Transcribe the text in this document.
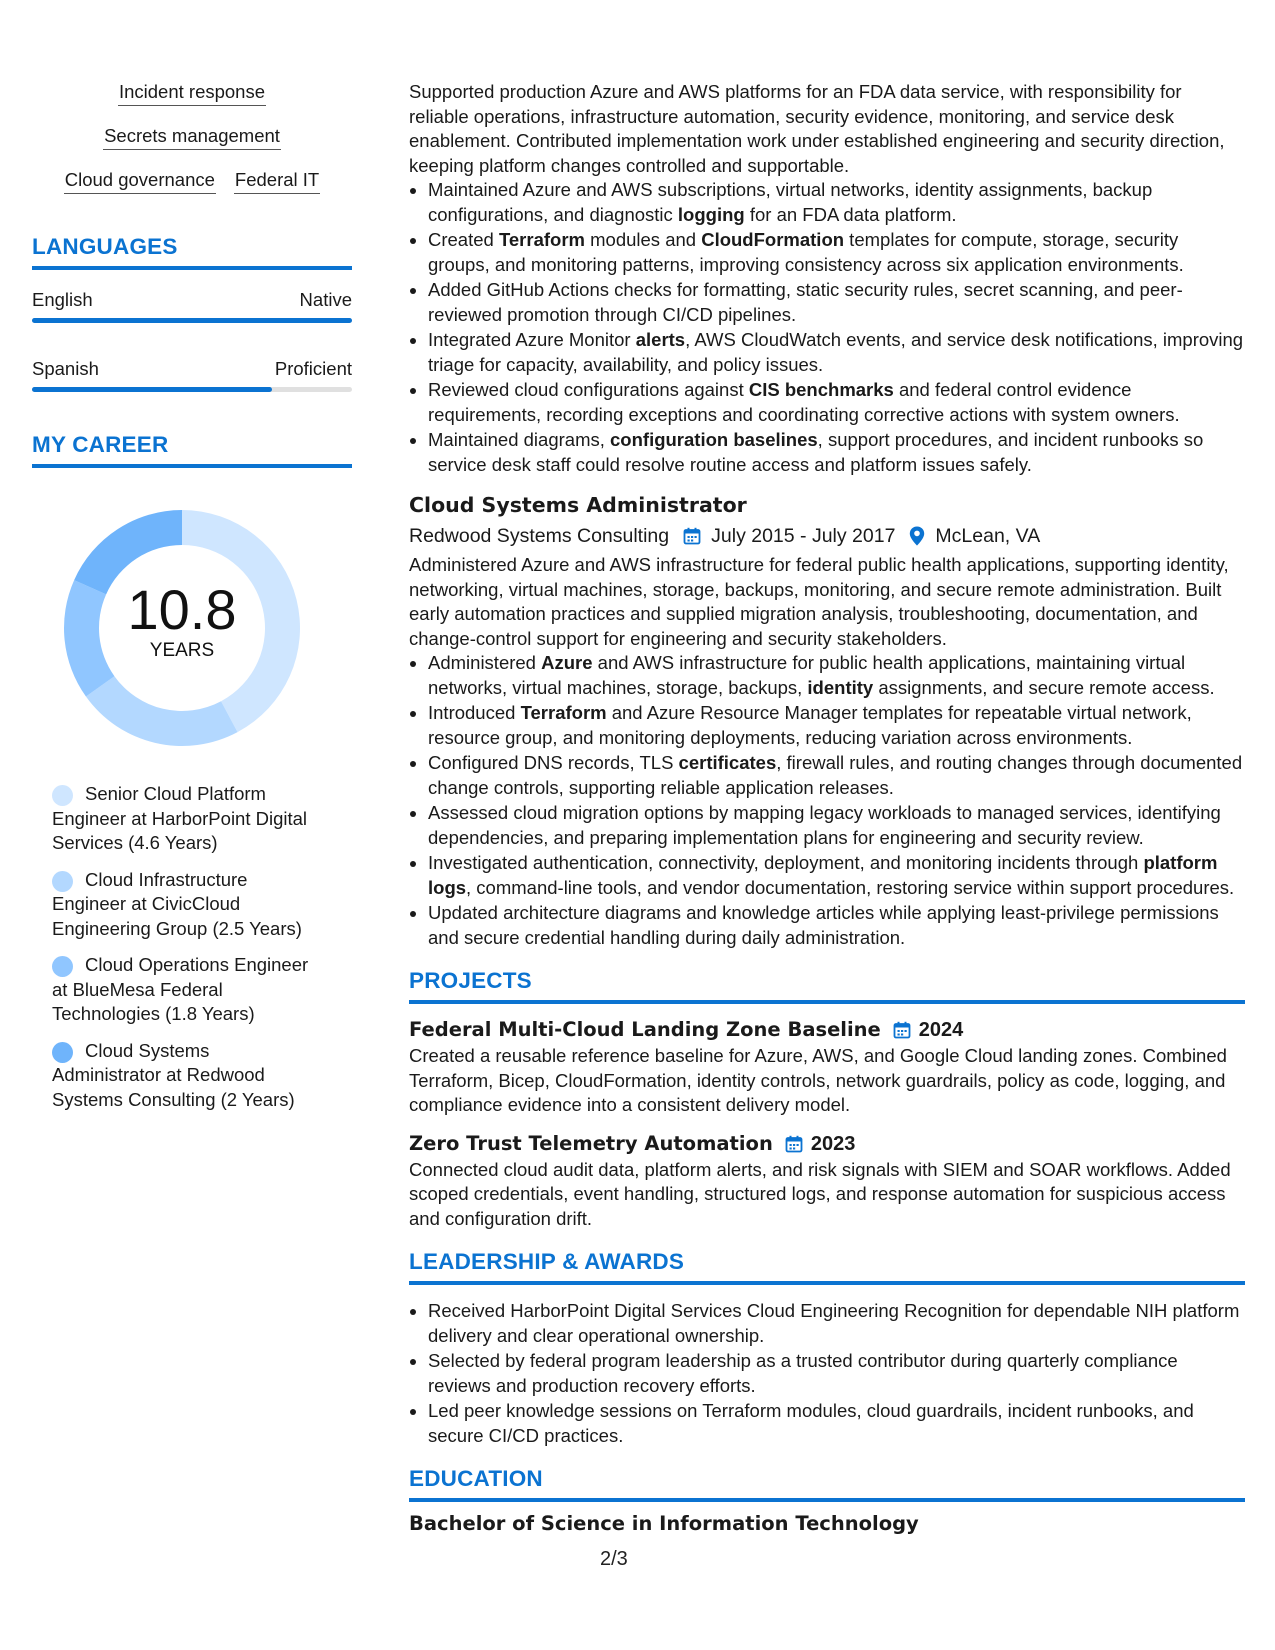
Incident response
Secrets management
Cloud governance Federal IT
LANGUAGES
English	Native
Spanish	Proficient
MY CAREER
10.8
YEARS
Senior Cloud Platform Engineer at HarborPoint Digital Services (4.6 Years)
Cloud Infrastructure Engineer at CivicCloud Engineering Group (2.5 Years)
Cloud Operations Engineer at BlueMesa Federal Technologies (1.8 Years)
Cloud Systems Administrator at Redwood Systems Consulting (2 Years)
Supported production Azure and AWS platforms for an FDA data service, with responsibility for reliable operations, infrastructure automation, security evidence, monitoring, and service desk enablement. Contributed implementation work under established engineering and security direction, keeping platform changes controlled and supportable.
• Maintained Azure and AWS subscriptions, virtual networks, identity assignments, backup configurations, and diagnostic logging for an FDA data platform.
• Created Terraform modules and CloudFormation templates for compute, storage, security groups, and monitoring patterns, improving consistency across six application environments.
• Added GitHub Actions checks for formatting, static security rules, secret scanning, and peer-reviewed promotion through CI/CD pipelines.
• Integrated Azure Monitor alerts, AWS CloudWatch events, and service desk notifications, improving triage for capacity, availability, and policy issues.
• Reviewed cloud configurations against CIS benchmarks and federal control evidence requirements, recording exceptions and coordinating corrective actions with system owners.
• Maintained diagrams, configuration baselines, support procedures, and incident runbooks so service desk staff could resolve routine access and platform issues safely.
Cloud Systems Administrator
Redwood Systems Consulting July 2015 - July 2017 McLean, VA
Administered Azure and AWS infrastructure for federal public health applications, supporting identity, networking, virtual machines, storage, backups, monitoring, and secure remote administration. Built early automation practices and supplied migration analysis, troubleshooting, documentation, and change-control support for engineering and security stakeholders.
• Administered Azure and AWS infrastructure for public health applications, maintaining virtual networks, virtual machines, storage, backups, identity assignments, and secure remote access.
• Introduced Terraform and Azure Resource Manager templates for repeatable virtual network, resource group, and monitoring deployments, reducing variation across environments.
• Configured DNS records, TLS certificates, firewall rules, and routing changes through documented change controls, supporting reliable application releases.
• Assessed cloud migration options by mapping legacy workloads to managed services, identifying dependencies, and preparing implementation plans for engineering and security review.
• Investigated authentication, connectivity, deployment, and monitoring incidents through platform logs, command-line tools, and vendor documentation, restoring service within support procedures.
• Updated architecture diagrams and knowledge articles while applying least-privilege permissions and secure credential handling during daily administration.
PROJECTS
Federal Multi-Cloud Landing Zone Baseline 2024
Created a reusable reference baseline for Azure, AWS, and Google Cloud landing zones. Combined Terraform, Bicep, CloudFormation, identity controls, network guardrails, policy as code, logging, and compliance evidence into a consistent delivery model.
Zero Trust Telemetry Automation 2023
Connected cloud audit data, platform alerts, and risk signals with SIEM and SOAR workflows. Added scoped credentials, event handling, structured logs, and response automation for suspicious access and configuration drift.
LEADERSHIP & AWARDS
• Received HarborPoint Digital Services Cloud Engineering Recognition for dependable NIH platform delivery and clear operational ownership.
• Selected by federal program leadership as a trusted contributor during quarterly compliance reviews and production recovery efforts.
• Led peer knowledge sessions on Terraform modules, cloud guardrails, incident runbooks, and secure CI/CD practices.
EDUCATION
Bachelor of Science in Information Technology
2/3
